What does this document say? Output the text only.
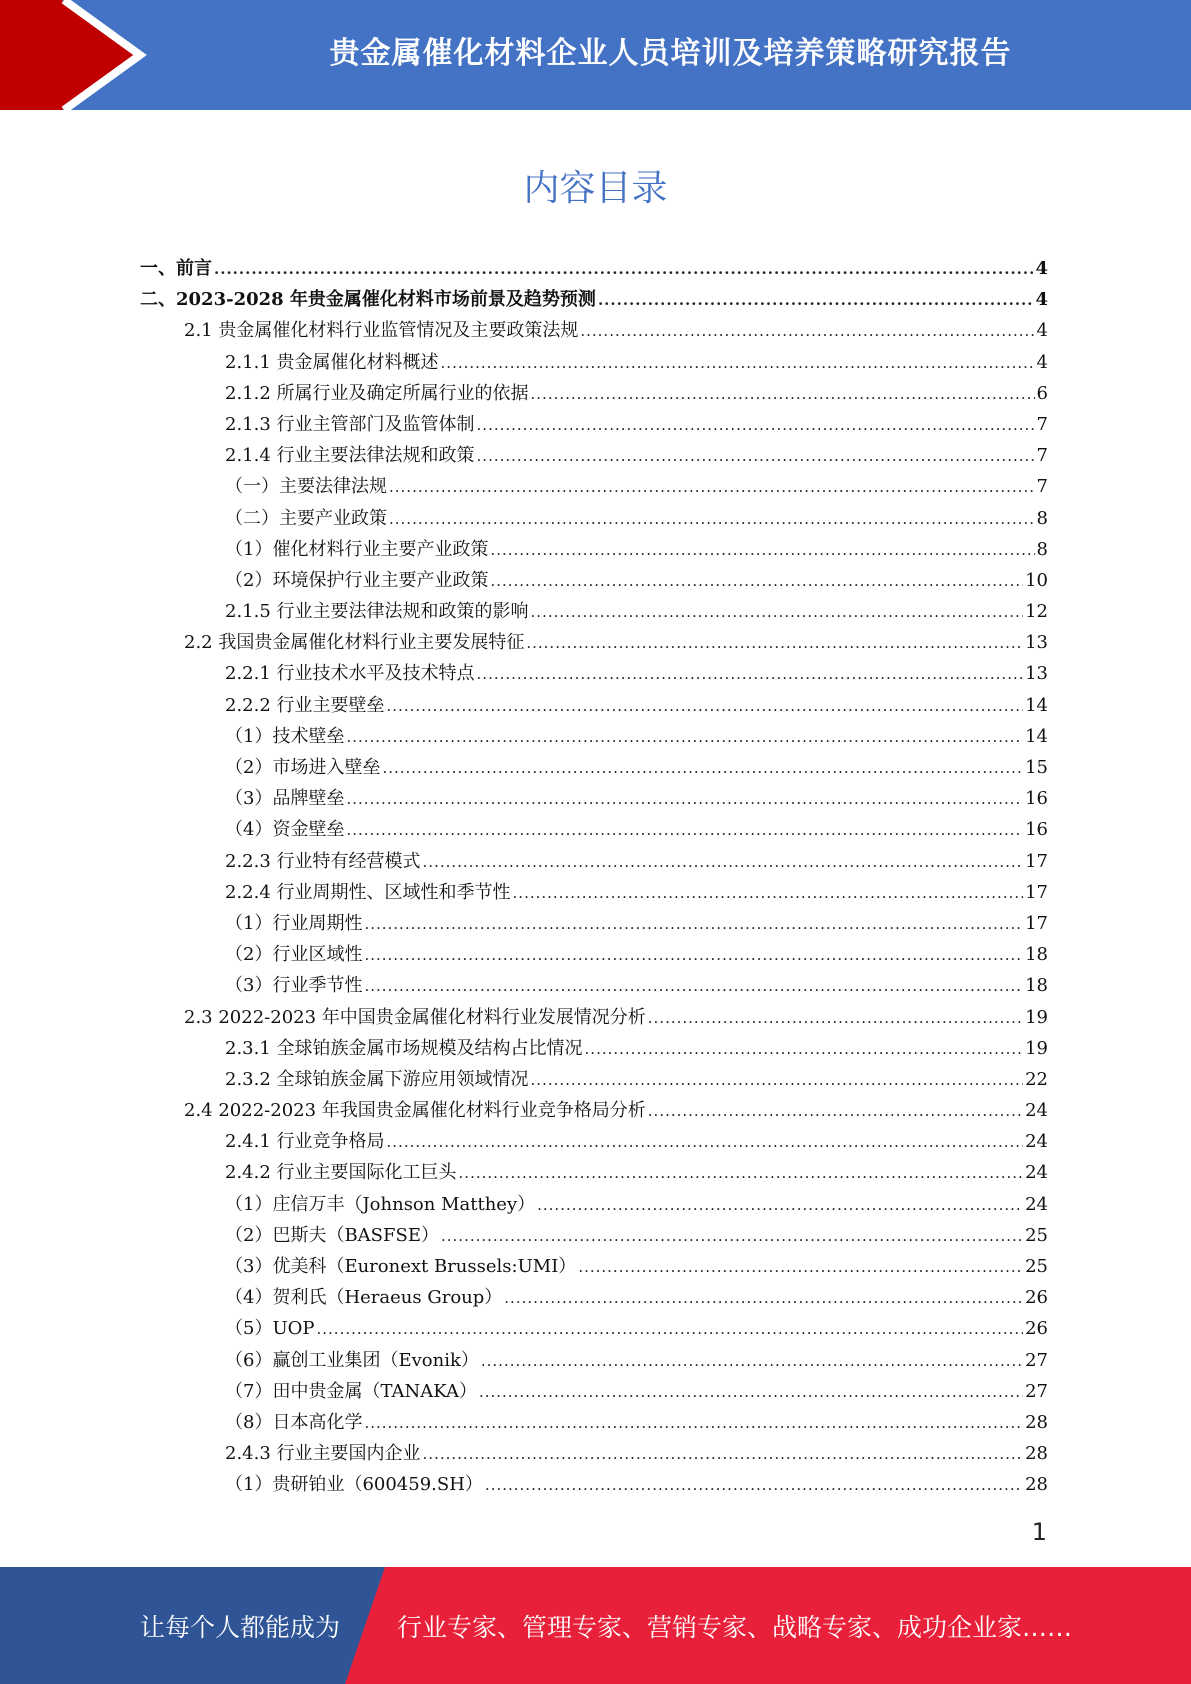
贵金属催化材料企业人员培训及培养策略研究报告
内容目录
一、前言 .....	4
二、2023-2028 年贵金属催化材料市场前景及趋势预测 .....	4
2.1 贵金属催化材料行业监管情况及主要政策法规 .....	4
2.1.1 贵金属催化材料概述 .....	4
2.1.2 所属行业及确定所属行业的依据 .....	6
2.1.3 行业主管部门及监管体制 .....	7
2.1.4 行业主要法律法规和政策 .....	7
（一）主要法律法规 .....	7
（二）主要产业政策 .....	8
（1）催化材料行业主要产业政策 .....	8
（2）环境保护行业主要产业政策 .....	10
2.1.5 行业主要法律法规和政策的影响 .....	12
2.2 我国贵金属催化材料行业主要发展特征 .....	13
2.2.1 行业技术水平及技术特点 .....	13
2.2.2 行业主要壁垒 .....	14
（1）技术壁垒 .....	14
（2）市场进入壁垒 .....	15
（3）品牌壁垒 .....	16
（4）资金壁垒 .....	16
2.2.3 行业特有经营模式 .....	17
2.2.4 行业周期性、区域性和季节性 .....	17
（1）行业周期性 .....	17
（2）行业区域性 .....	18
（3）行业季节性 .....	18
2.3 2022-2023 年中国贵金属催化材料行业发展情况分析 .....	19
2.3.1 全球铂族金属市场规模及结构占比情况 .....	19
2.3.2 全球铂族金属下游应用领域情况 .....	22
2.4 2022-2023 年我国贵金属催化材料行业竞争格局分析 .....	24
2.4.1 行业竞争格局 .....	24
2.4.2 行业主要国际化工巨头 .....	24
（1）庄信万丰（Johnson Matthey） .....	24
（2）巴斯夫（BASFSE） .....	25
（3）优美科（Euronext Brussels:UMI） .....	25
（4）贺利氏（Heraeus Group） .....	26
（5）UOP .....	26
（6）赢创工业集团（Evonik） .....	27
（7）田中贵金属（TANAKA） .....	27
（8）日本高化学 .....	28
2.4.3 行业主要国内企业 .....	28
（1）贵研铂业（600459.SH） .....	28
1
让每个人都能成为 行业专家、管理专家、营销专家、战略专家、成功企业家……
